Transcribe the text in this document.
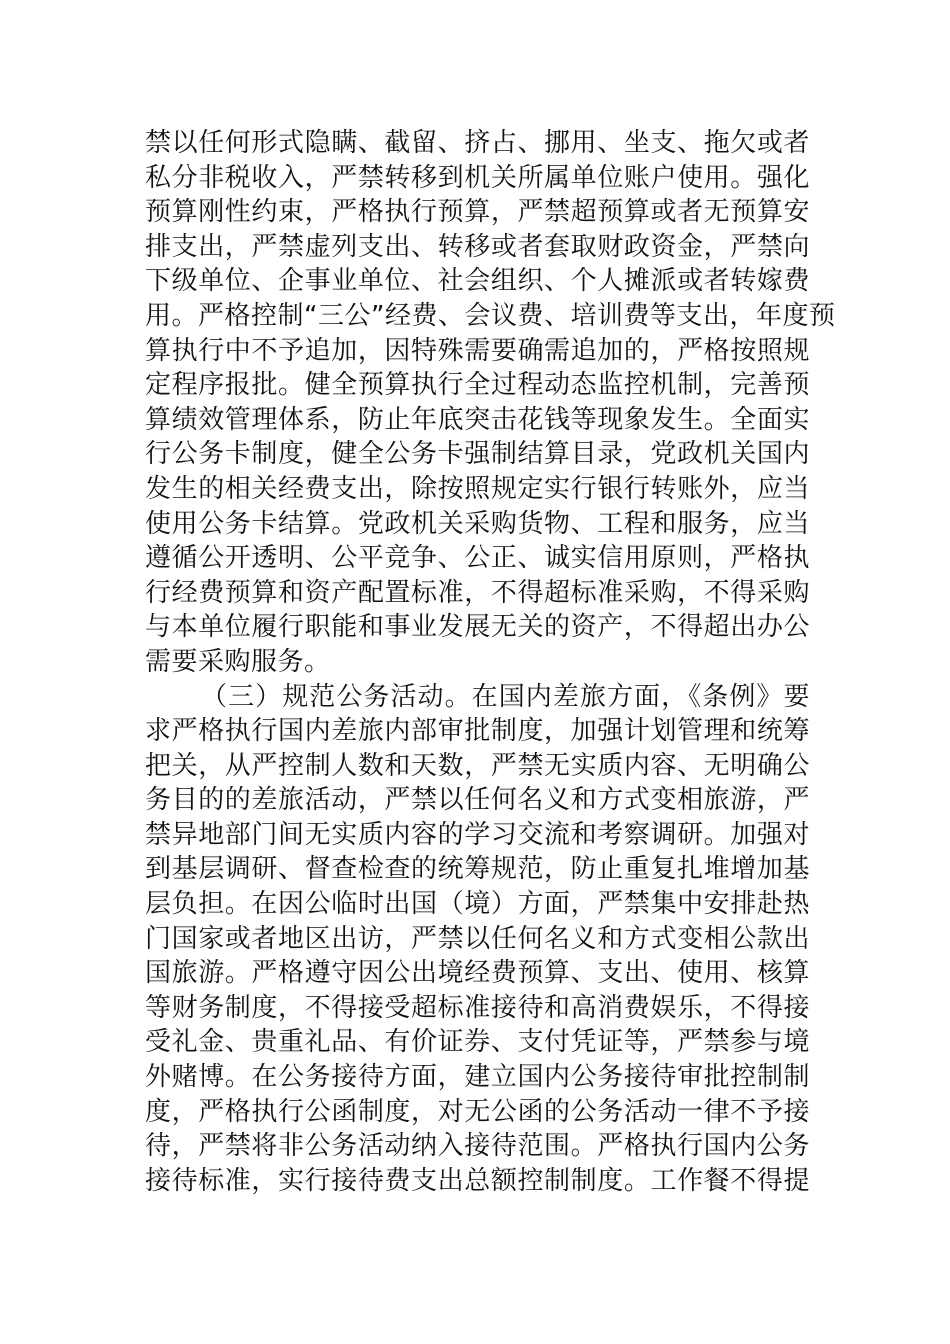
禁以任何形式隐瞒、截留、挤占、挪用、坐支、拖欠或者
私分非税收入，严禁转移到机关所属单位账户使用。强化
预算刚性约束，严格执行预算，严禁超预算或者无预算安
排支出，严禁虚列支出、转移或者套取财政资金，严禁向
下级单位、企事业单位、社会组织、个人摊派或者转嫁费
用。严格控制“三公”经费、会议费、培训费等支出，年度预
算执行中不予追加，因特殊需要确需追加的，严格按照规
定程序报批。健全预算执行全过程动态监控机制，完善预
算绩效管理体系，防止年底突击花钱等现象发生。全面实
行公务卡制度，健全公务卡强制结算目录，党政机关国内
发生的相关经费支出，除按照规定实行银行转账外，应当
使用公务卡结算。党政机关采购货物、工程和服务，应当
遵循公开透明、公平竞争、公正、诚实信用原则，严格执
行经费预算和资产配置标准，不得超标准采购，不得采购
与本单位履行职能和事业发展无关的资产，不得超出办公
需要采购服务。
（三）规范公务活动。在国内差旅方面，《条例》要
求严格执行国内差旅内部审批制度，加强计划管理和统筹
把关，从严控制人数和天数，严禁无实质内容、无明确公
务目的的差旅活动，严禁以任何名义和方式变相旅游，严
禁异地部门间无实质内容的学习交流和考察调研。加强对
到基层调研、督查检查的统筹规范，防止重复扎堆增加基
层负担。在因公临时出国（境）方面，严禁集中安排赴热
门国家或者地区出访，严禁以任何名义和方式变相公款出
国旅游。严格遵守因公出境经费预算、支出、使用、核算
等财务制度，不得接受超标准接待和高消费娱乐，不得接
受礼金、贵重礼品、有价证券、支付凭证等，严禁参与境
外赌博。在公务接待方面，建立国内公务接待审批控制制
度，严格执行公函制度，对无公函的公务活动一律不予接
待，严禁将非公务活动纳入接待范围。严格执行国内公务
接待标准，实行接待费支出总额控制制度。工作餐不得提
